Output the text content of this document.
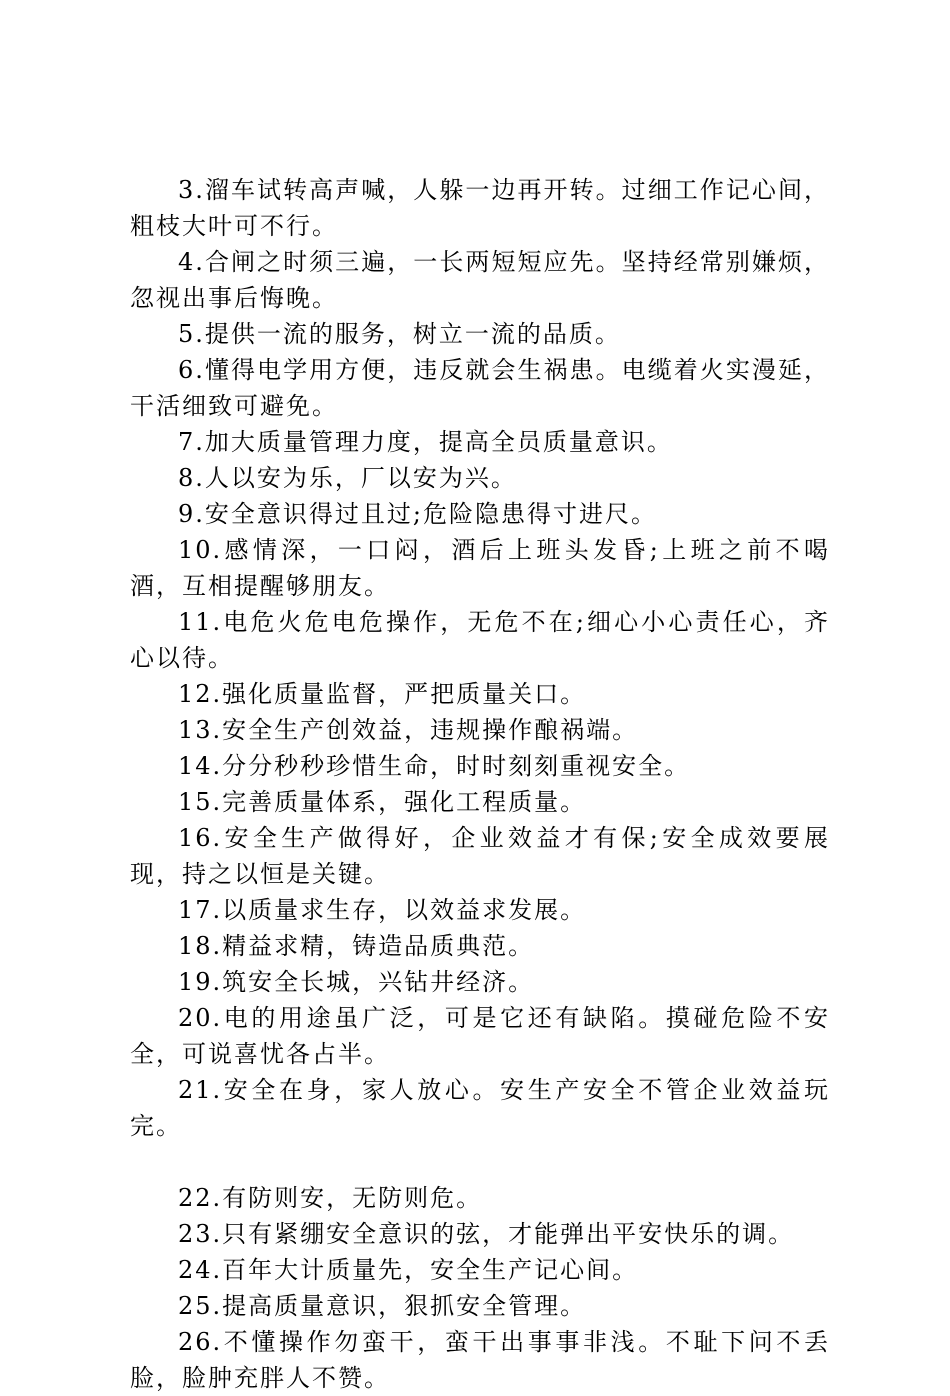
3.溜车试转高声喊，人躲一边再开转。过细工作记心间，粗枝大叶可不行。

4.合闸之时须三遍，一长两短短应先。坚持经常别嫌烦，忽视出事后悔晚。

5.提供一流的服务，树立一流的品质。

6.懂得电学用方便，违反就会生祸患。电缆着火实漫延，干活细致可避免。

7.加大质量管理力度，提高全员质量意识。

8.人以安为乐，厂以安为兴。

9.安全意识得过且过;危险隐患得寸进尺。

10.感情深，一口闷，酒后上班头发昏;上班之前不喝酒，互相提醒够朋友。

11.电危火危电危操作，无危不在;细心小心责任心，齐心以待。

12.强化质量监督，严把质量关口。

13.安全生产创效益，违规操作酿祸端。

14.分分秒秒珍惜生命，时时刻刻重视安全。

15.完善质量体系，强化工程质量。

16.安全生产做得好，企业效益才有保;安全成效要展现，持之以恒是关键。

17.以质量求生存，以效益求发展。

18.精益求精，铸造品质典范。

19.筑安全长城，兴钻井经济。

20.电的用途虽广泛，可是它还有缺陷。摸碰危险不安全，可说喜忧各占半。

21.安全在身，家人放心。安生产安全不管企业效益玩完。

22.有防则安，无防则危。

23.只有紧绷安全意识的弦，才能弹出平安快乐的调。

24.百年大计质量先，安全生产记心间。

25.提高质量意识，狠抓安全管理。

26.不懂操作勿蛮干，蛮干出事事非浅。不耻下问不丢脸，脸肿充胖人不赞。
